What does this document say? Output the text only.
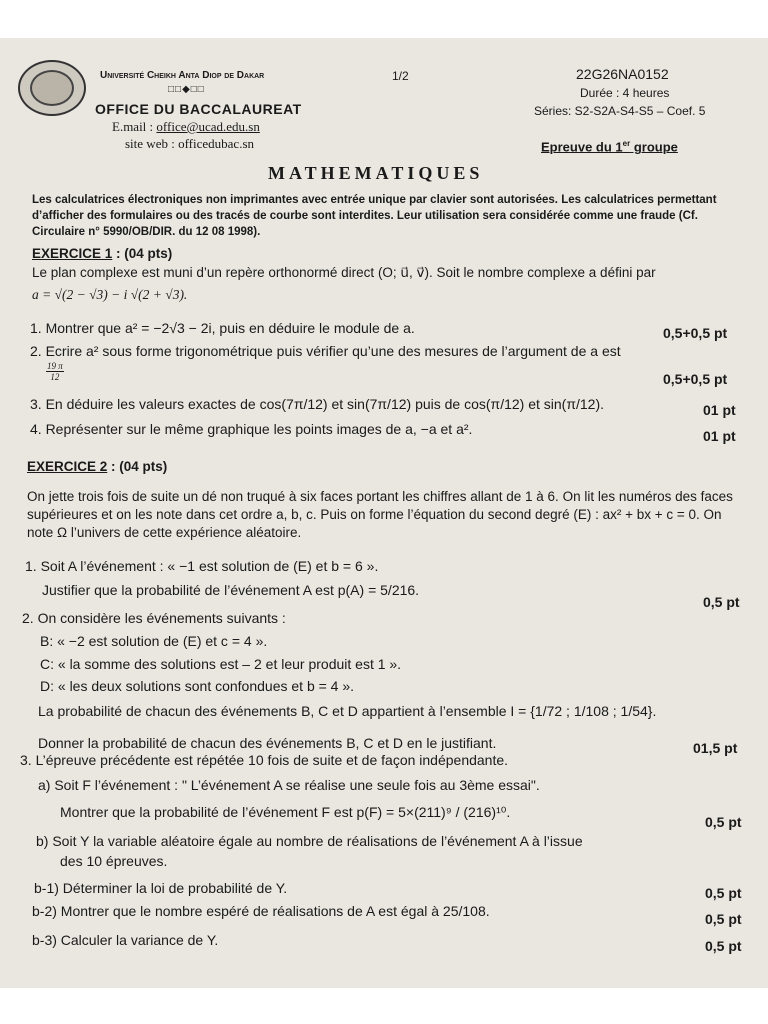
Université Cheikh Anta Diop de Dakar
□□◆□□
OFFICE DU BACCALAUREAT
E.mail : office@ucad.edu.sn
site web : officedubac.sn
1/2	22G26NA0152
Durée : 4 heures
Séries: S2-S2A-S4-S5 – Coef. 5
Epreuve du 1er groupe
MATHEMATIQUES
Les calculatrices électroniques non imprimantes avec entrée unique par clavier sont autorisées. Les calculatrices permettant d’afficher des formulaires ou des tracés de courbe sont interdites. Leur utilisation sera considérée comme une fraude (Cf. Circulaire n° 5990/OB/DIR. du 12 08 1998).
EXERCICE 1 : (04 pts)
Le plan complexe est muni d’un repère orthonormé direct (O; u⃗, v⃗). Soit le nombre complexe a défini par
a = √(2 − √3) − i √(2 + √3).
1. Montrer que a² = −2√3 − 2i, puis en déduire le module de a.	0,5+0,5 pt
2. Ecrire a² sous forme trigonométrique puis vérifier qu’une des mesures de l’argument de a est
$\frac{19 \pi}{12}$	0,5+0,5 pt
3. En déduire les valeurs exactes de cos(7π/12) et sin(7π/12) puis de cos(π/12) et sin(π/12).	01 pt
4. Représenter sur le même graphique les points images de a, −a et a².	01 pt
EXERCICE 2 : (04 pts)
On jette trois fois de suite un dé non truqué à six faces portant les chiffres allant de 1 à 6. On lit les numéros des faces supérieures et on les note dans cet ordre a, b, c. Puis on forme l’équation du second degré (E) : ax² + bx + c = 0. On note Ω l’univers de cette expérience aléatoire.
1. Soit A l’événement : « −1 est solution de (E) et b = 6 ».
Justifier que la probabilité de l’événement A est p(A) = 5/216.
0,5 pt
2. On considère les événements suivants :
B: « −2 est solution de (E) et c = 4 ».
C: « la somme des solutions est – 2 et leur produit est 1 ».
D: « les deux solutions sont confondues et b = 4 ».
La probabilité de chacun des événements B, C et D appartient à l’ensemble I = {1/72 ; 1/108 ; 1/54}.
Donner la probabilité de chacun des événements B, C et D en le justifiant.	01,5 pt
3. L’épreuve précédente est répétée 10 fois de suite et de façon indépendante.
a) Soit F l’événement : " L’événement A se réalise une seule fois au 3ème essai".
Montrer que la probabilité de l’événement F est p(F) = 5×(211)⁹ / (216)¹⁰.
0,5 pt
b) Soit Y la variable aléatoire égale au nombre de réalisations de l’événement A à l’issue
des 10 épreuves.
b-1) Déterminer la loi de probabilité de Y.	0,5 pt
b-2) Montrer que le nombre espéré de réalisations de A est égal à 25/108.	0,5 pt
b-3) Calculer la variance de Y.	0,5 pt
